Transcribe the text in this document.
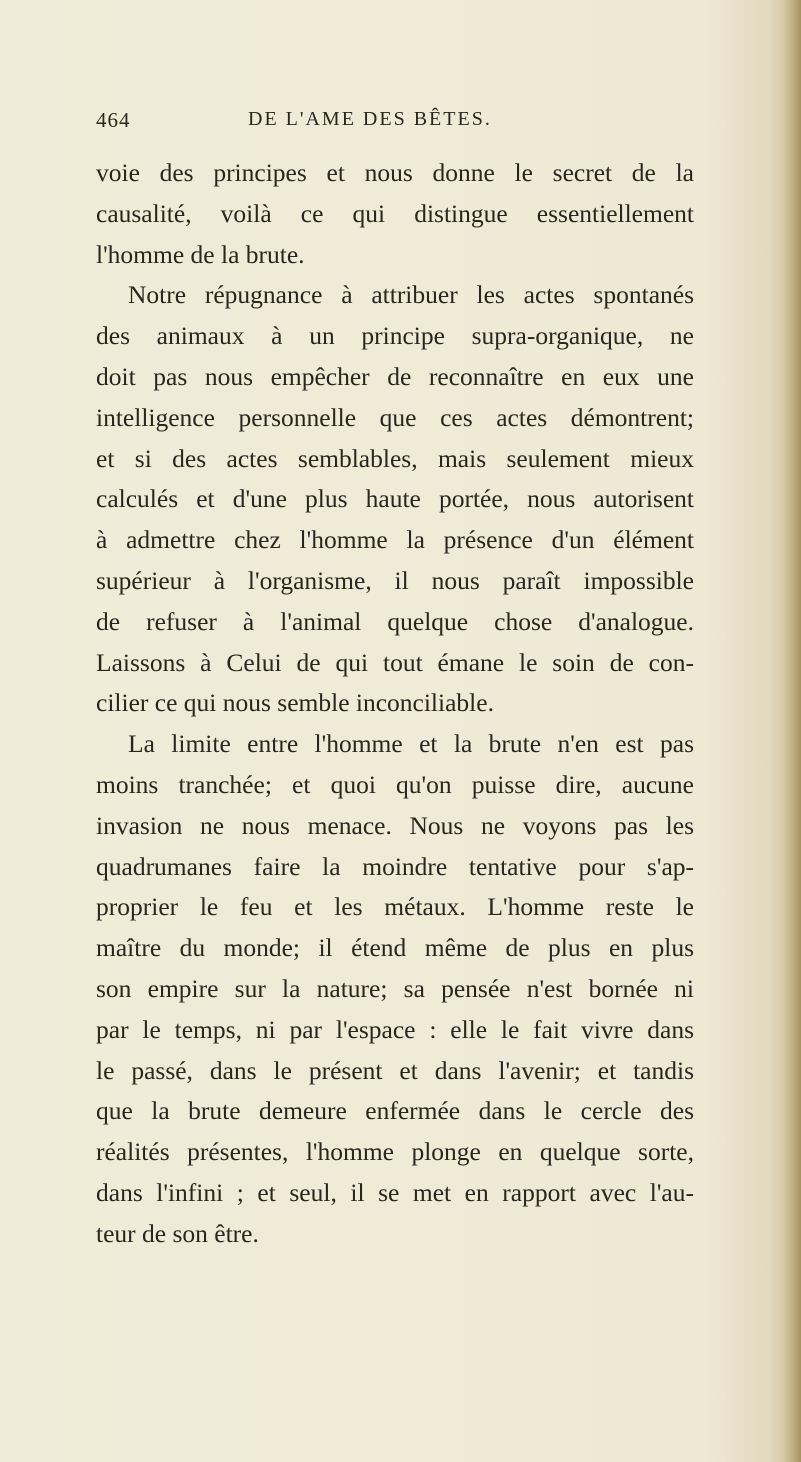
464	DE L'AME DES BÊTES.
voie des principes et nous donne le secret de la
causalité, voilà ce qui distingue essentiellement
l'homme de la brute.
Notre répugnance à attribuer les actes spontanés
des animaux à un principe supra-organique, ne
doit pas nous empêcher de reconnaître en eux une
intelligence personnelle que ces actes démontrent;
et si des actes semblables, mais seulement mieux
calculés et d'une plus haute portée, nous autorisent
à admettre chez l'homme la présence d'un élément
supérieur à l'organisme, il nous paraît impossible
de refuser à l'animal quelque chose d'analogue.
Laissons à Celui de qui tout émane le soin de con-
cilier ce qui nous semble inconciliable.
La limite entre l'homme et la brute n'en est pas
moins tranchée; et quoi qu'on puisse dire, aucune
invasion ne nous menace. Nous ne voyons pas les
quadrumanes faire la moindre tentative pour s'ap-
proprier le feu et les métaux. L'homme reste le
maître du monde; il étend même de plus en plus
son empire sur la nature; sa pensée n'est bornée ni
par le temps, ni par l'espace : elle le fait vivre dans
le passé, dans le présent et dans l'avenir; et tandis
que la brute demeure enfermée dans le cercle des
réalités présentes, l'homme plonge en quelque sorte,
dans l'infini ; et seul, il se met en rapport avec l'au-
teur de son être.
